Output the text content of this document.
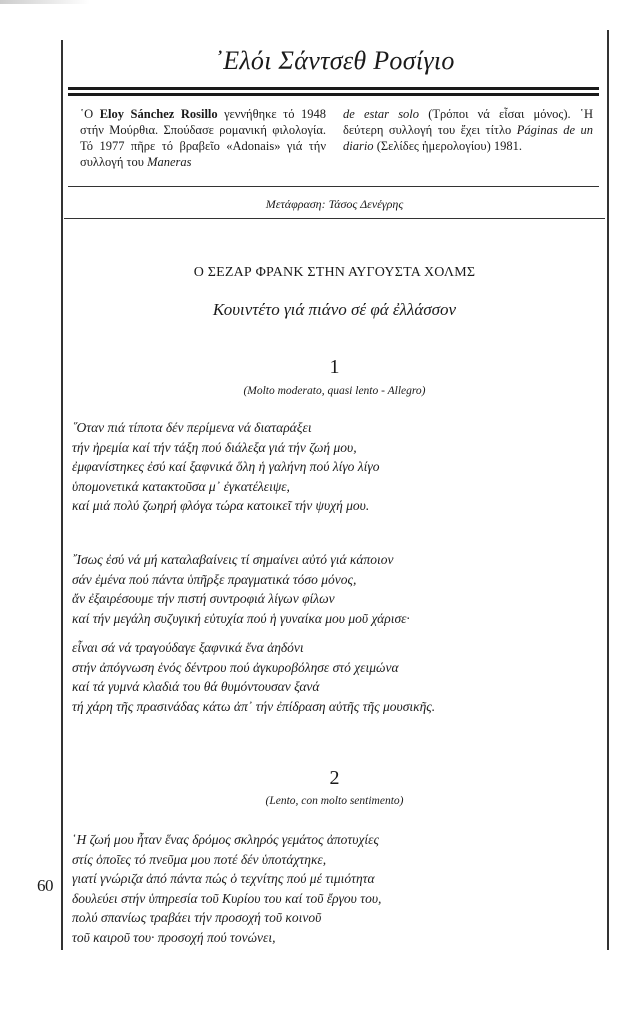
᾿Ελόι Σάντσεθ Ροσίγιο
῾Ο Eloy Sánchez Rosillo γεννήθηκε τό 1948 στήν Μούρθια. Σπούδασε ρομανική φιλολογία. Τό 1977 πῆρε τό βραβεῖο «Adonais» γιά τήν συλλογή του Maneras
de estar solo (Τρόποι νά εἶσαι μόνος). ῾Η δεύτερη συλλογή του ἔχει τίτλο Páginas de un diario (Σελίδες ἡμερολογίου) 1981.
Μετάφραση: Τάσος Δενέγρης
Ο ΣΕΖΑΡ ΦΡΑΝΚ ΣΤΗΝ ΑΥΓΟΥΣΤΑ ΧΟΛΜΣ
Κουιντέτο γιά πιάνο σέ φά ἐλλάσσον
1
(Molto moderato, quasi lento - Allegro)
῞Οταν πιά τίποτα δέν περίμενα νά διαταράξει
τήν ἠρεμία καί τήν τάξη πού διάλεξα γιά τήν ζωή μου,
ἐμφανίστηκες ἐσύ καί ξαφνικά ὅλη ἡ γαλήνη πού λίγο λίγο
ὑπομονετικά κατακτοῦσα μ᾿ ἐγκατέλειψε,
καί μιά πολύ ζωηρή φλόγα τώρα κατοικεῖ τήν ψυχή μου.
῎Ισως ἐσύ νά μή καταλαβαίνεις τί σημαίνει αὐτό γιά κάποιον
σάν ἐμένα πού πάντα ὑπῆρξε πραγματικά τόσο μόνος,
ἄν ἐξαιρέσουμε τήν πιστή συντροφιά λίγων φίλων
καί τήν μεγάλη συζυγική εὐτυχία πού ἡ γυναίκα μου μοῦ χάρισε·
εἶναι σά νά τραγούδαγε ξαφνικά ἕνα ἀηδόνι
στήν ἀπόγνωση ἑνός δέντρου πού ἀγκυροβόλησε στό χειμώνα
καί τά γυμνά κλαδιά του θά θυμόντουσαν ξανά
τή χάρη τῆς πρασινάδας κάτω ἀπ᾿ τήν ἐπίδραση αὐτῆς τῆς μουσικῆς.
2
(Lento, con molto sentimento)
῾Η ζωή μου ἦταν ἕνας δρόμος σκληρός γεμάτος ἀποτυχίες
στίς ὁποῖες τό πνεῦμα μου ποτέ δέν ὑποτάχτηκε,
γιατί γνώριζα ἀπό πάντα πώς ὁ τεχνίτης πού μέ τιμιότητα
δουλεύει στήν ὑπηρεσία τοῦ Κυρίου του καί τοῦ ἔργου του,
πολύ σπανίως τραβάει τήν προσοχή τοῦ κοινοῦ
τοῦ καιροῦ του· προσοχή πού τονώνει,
60
